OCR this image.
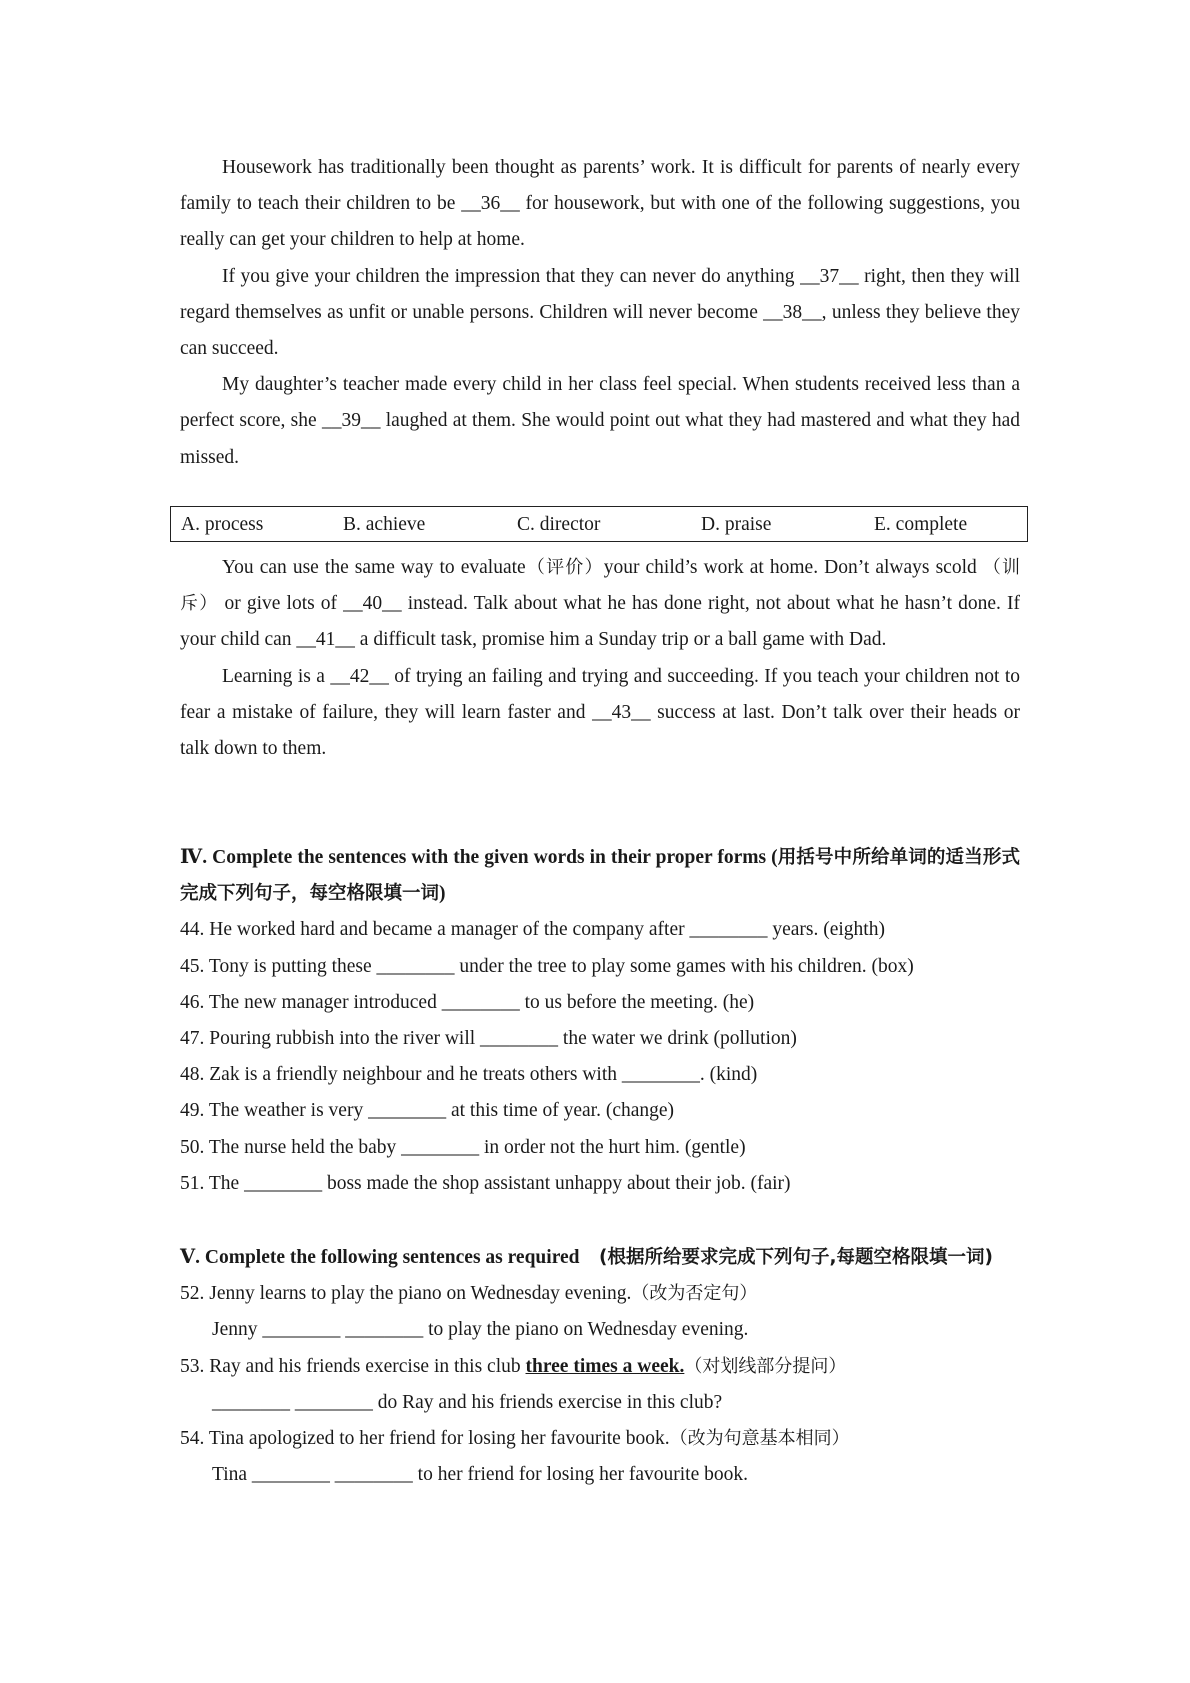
Housework has traditionally been thought as parents’ work. It is difficult for parents of nearly every family to teach their children to be __36__ for housework, but with one of the following suggestions, you really can get your children to help at home.

If you give your children the impression that they can never do anything __37__ right, then they will regard themselves as unfit or unable persons. Children will never become __38__, unless they believe they can succeed.

My daughter’s teacher made every child in her class feel special. When students received less than a perfect score, she __39__ laughed at them. She would point out what they had mastered and what they had missed.

A. process	B. achieve	C. director	D. praise	E. complete

You can use the same way to evaluate（评价）your child’s work at home. Don’t always scold （训斥） or give lots of __40__ instead. Talk about what he has done right, not about what he hasn’t done. If your child can __41__ a difficult task, promise him a Sunday trip or a ball game with Dad.

Learning is a __42__ of trying an failing and trying and succeeding. If you teach your children not to fear a mistake of failure, they will learn faster and __43__ success at last. Don’t talk over their heads or talk down to them.

Ⅳ. Complete the sentences with the given words in their proper forms (用括号中所给单词的适当形式完成下列句子，每空格限填一词)

44. He worked hard and became a manager of the company after ________ years. (eighth)

45. Tony is putting these ________ under the tree to play some games with his children. (box)

46. The new manager introduced ________ to us before the meeting. (he)

47. Pouring rubbish into the river will ________ the water we drink (pollution)

48. Zak is a friendly neighbour and he treats others with ________. (kind)

49. The weather is very ________ at this time of year. (change)

50. The nurse held the baby ________ in order not the hurt him. (gentle)

51. The ________ boss made the shop assistant unhappy about their job. (fair)

Ⅴ. Complete the following sentences as required (根据所给要求完成下列句子,每题空格限填一词)

52. Jenny learns to play the piano on Wednesday evening.（改为否定句）

Jenny ________ ________ to play the piano on Wednesday evening.

53. Ray and his friends exercise in this club three times a week.（对划线部分提问）

________ ________ do Ray and his friends exercise in this club?

54. Tina apologized to her friend for losing her favourite book.（改为句意基本相同）

Tina ________ ________ to her friend for losing her favourite book.
